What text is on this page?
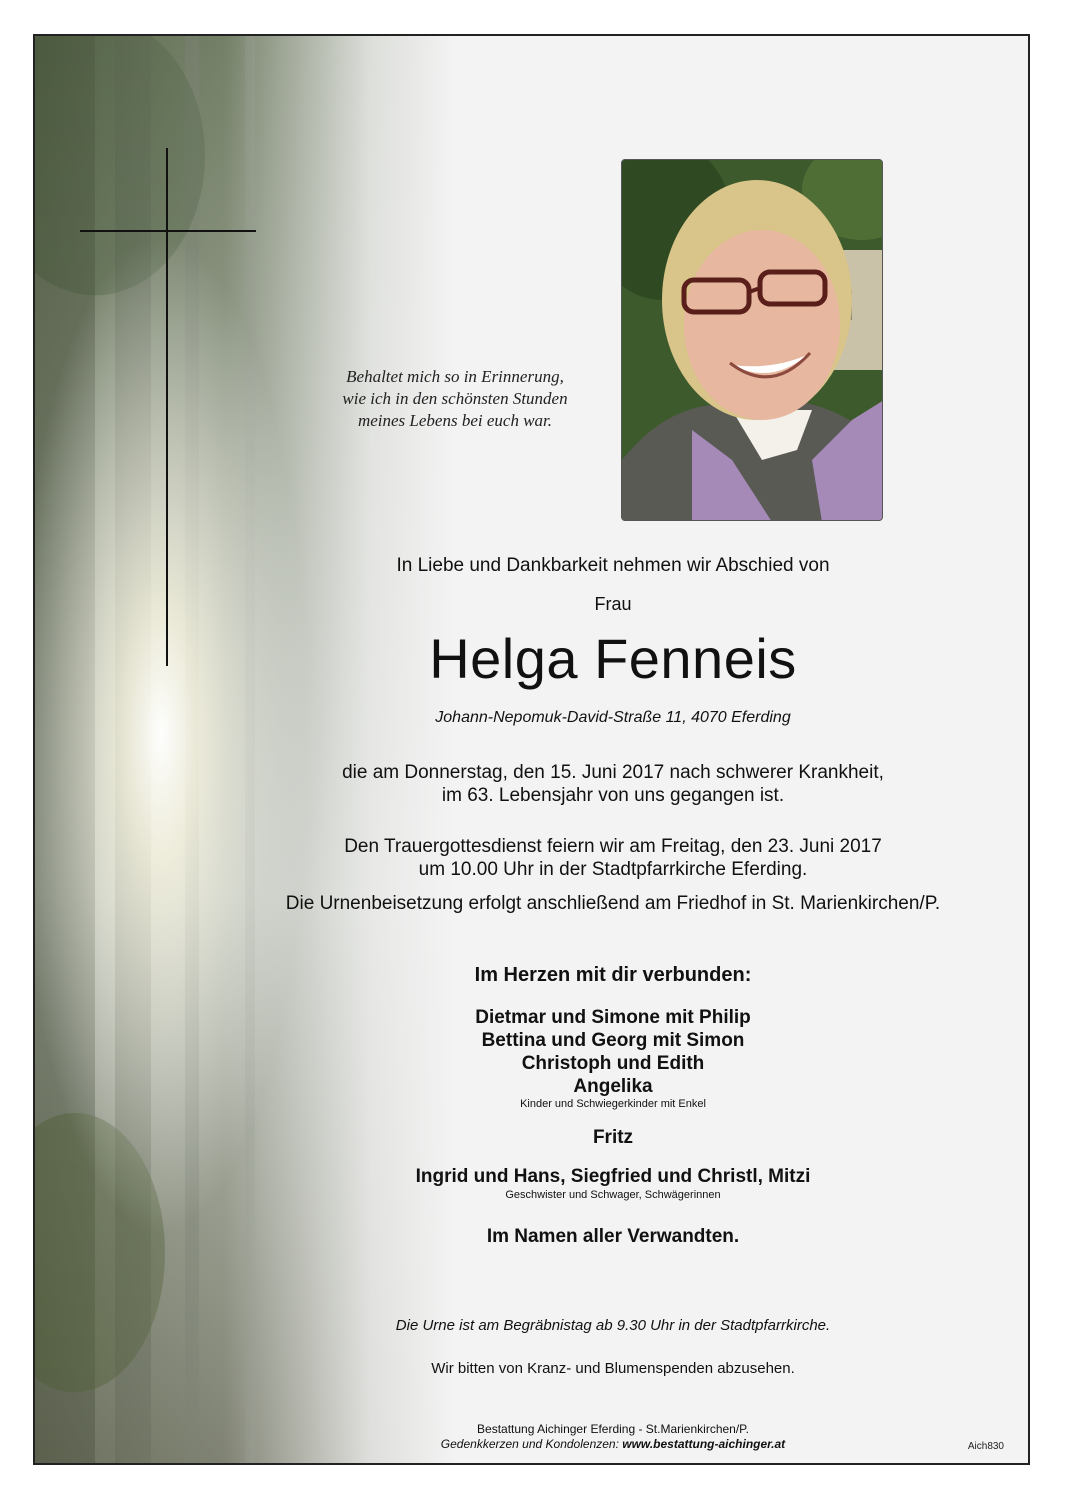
Behaltet mich so in Erinnerung,
wie ich in den schönsten Stunden
meines Lebens bei euch war.
In Liebe und Dankbarkeit nehmen wir Abschied von
Frau
Helga Fenneis
Johann-Nepomuk-David-Straße 11, 4070 Eferding
die am Donnerstag, den 15. Juni 2017 nach schwerer Krankheit,
im 63. Lebensjahr von uns gegangen ist.
Den Trauergottesdienst feiern wir am Freitag, den 23. Juni 2017
um 10.00 Uhr in der Stadtpfarrkirche Eferding.
Die Urnenbeisetzung erfolgt anschließend am Friedhof in St. Marienkirchen/P.
Im Herzen mit dir verbunden:
Dietmar und Simone mit Philip
Bettina und Georg mit Simon
Christoph und Edith
Angelika
Kinder und Schwiegerkinder mit Enkel
Fritz
Ingrid und Hans, Siegfried und Christl, Mitzi
Geschwister und Schwager, Schwägerinnen
Im Namen aller Verwandten.
Die Urne ist am Begräbnistag ab 9.30 Uhr in der Stadtpfarrkirche.
Wir bitten von Kranz- und Blumenspenden abzusehen.
Bestattung Aichinger Eferding - St.Marienkirchen/P.
Gedenkkerzen und Kondolenzen: www.bestattung-aichinger.at	Aich830
